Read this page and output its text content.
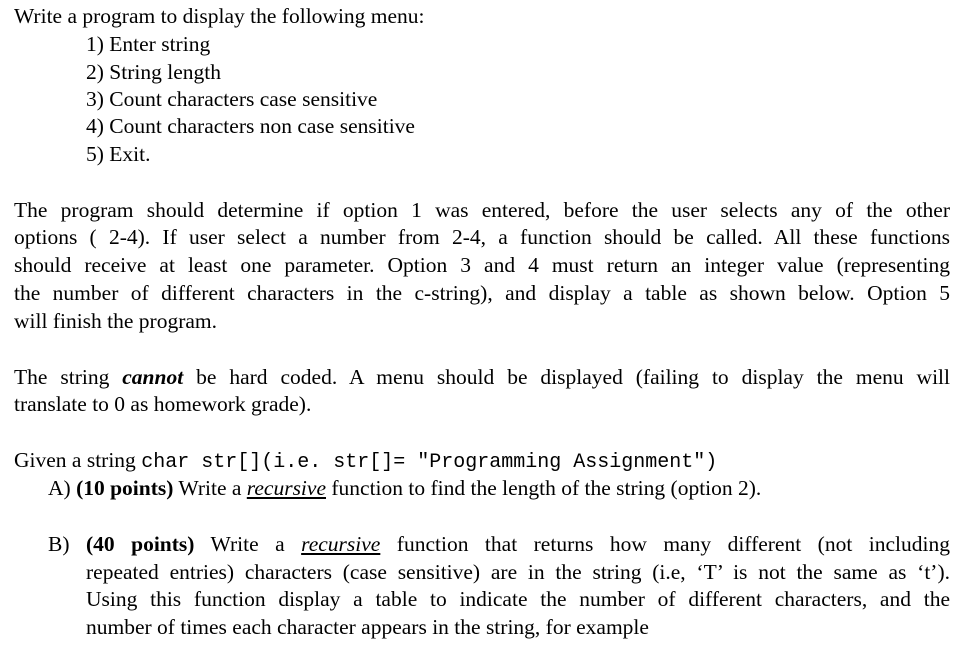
Write a program to display the following menu:
1) Enter string
2) String length
3) Count characters case sensitive
4) Count characters non case sensitive
5) Exit.
The program should determine if option 1 was entered, before the user selects any of the other
options ( 2-4). If user select a number from 2-4, a function should be called. All these functions
should receive at least one parameter. Option 3 and 4 must return an integer value (representing
the number of different characters in the c-string), and display a table as shown below. Option 5
will finish the program.
The string cannot be hard coded. A menu should be displayed (failing to display the menu will
translate to 0 as homework grade).
Given a string char str[](i.e. str[]= "Programming Assignment")
A) (10 points) Write a recursive function to find the length of the string (option 2).
B) (40 points) Write a recursive function that returns how many different (not including
repeated entries) characters (case sensitive) are in the string (i.e, ‘T’ is not the same as ‘t’).
Using this function display a table to indicate the number of different characters, and the
number of times each character appears in the string, for example
